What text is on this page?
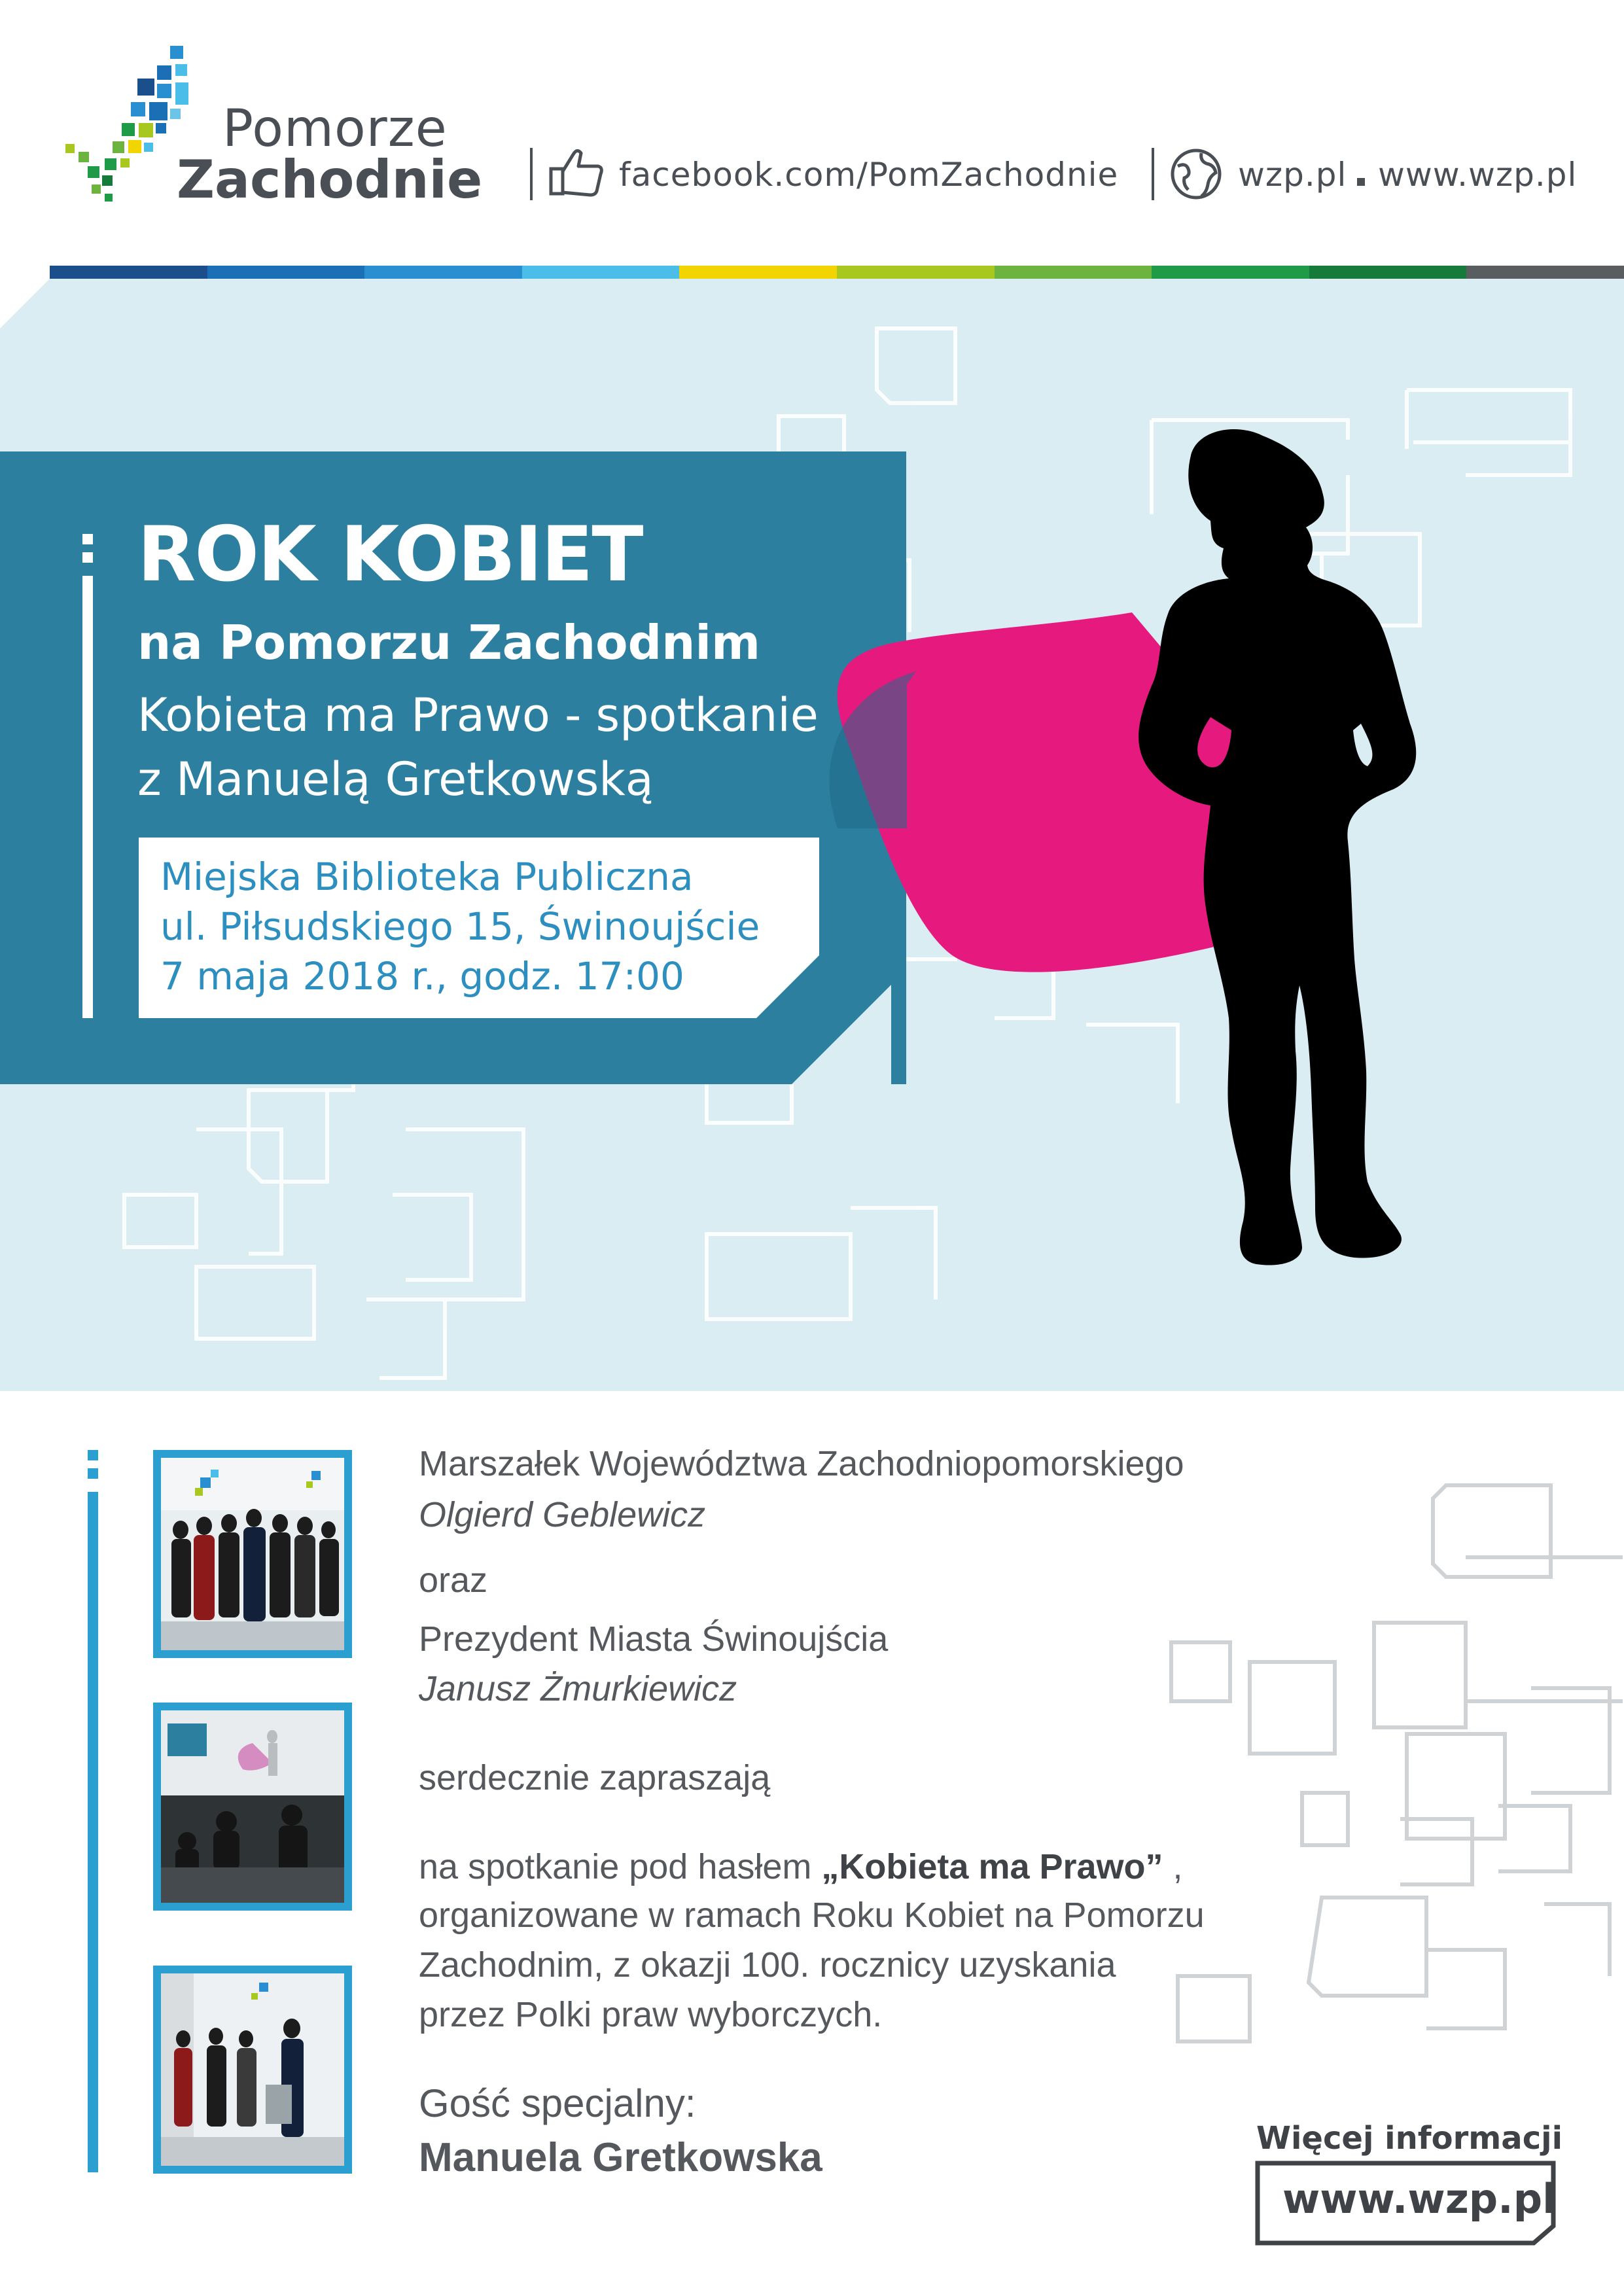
Pomorze
Zachodnie	facebook.com/PomZachodnie	wzp.pl www.wzp.pl
ROK KOBIET
na Pomorzu Zachodnim
Kobieta ma Prawo - spotkanie
z Manuelą Gretkowską
Miejska Biblioteka Publiczna
ul. Piłsudskiego 15, Świnoujście
7 maja 2018 r., godz. 17:00
Marszałek Województwa Zachodniopomorskiego
Olgierd Geblewicz
oraz
Prezydent Miasta Świnoujścia
Janusz Żmurkiewicz
serdecznie zapraszają
na spotkanie pod hasłem „Kobieta ma Prawo” ,
organizowane w ramach Roku Kobiet na Pomorzu
Zachodnim, z okazji 100. rocznicy uzyskania
przez Polki praw wyborczych.
Gość specjalny:
Manuela Gretkowska	Więcej informacji
www.wzp.pl
